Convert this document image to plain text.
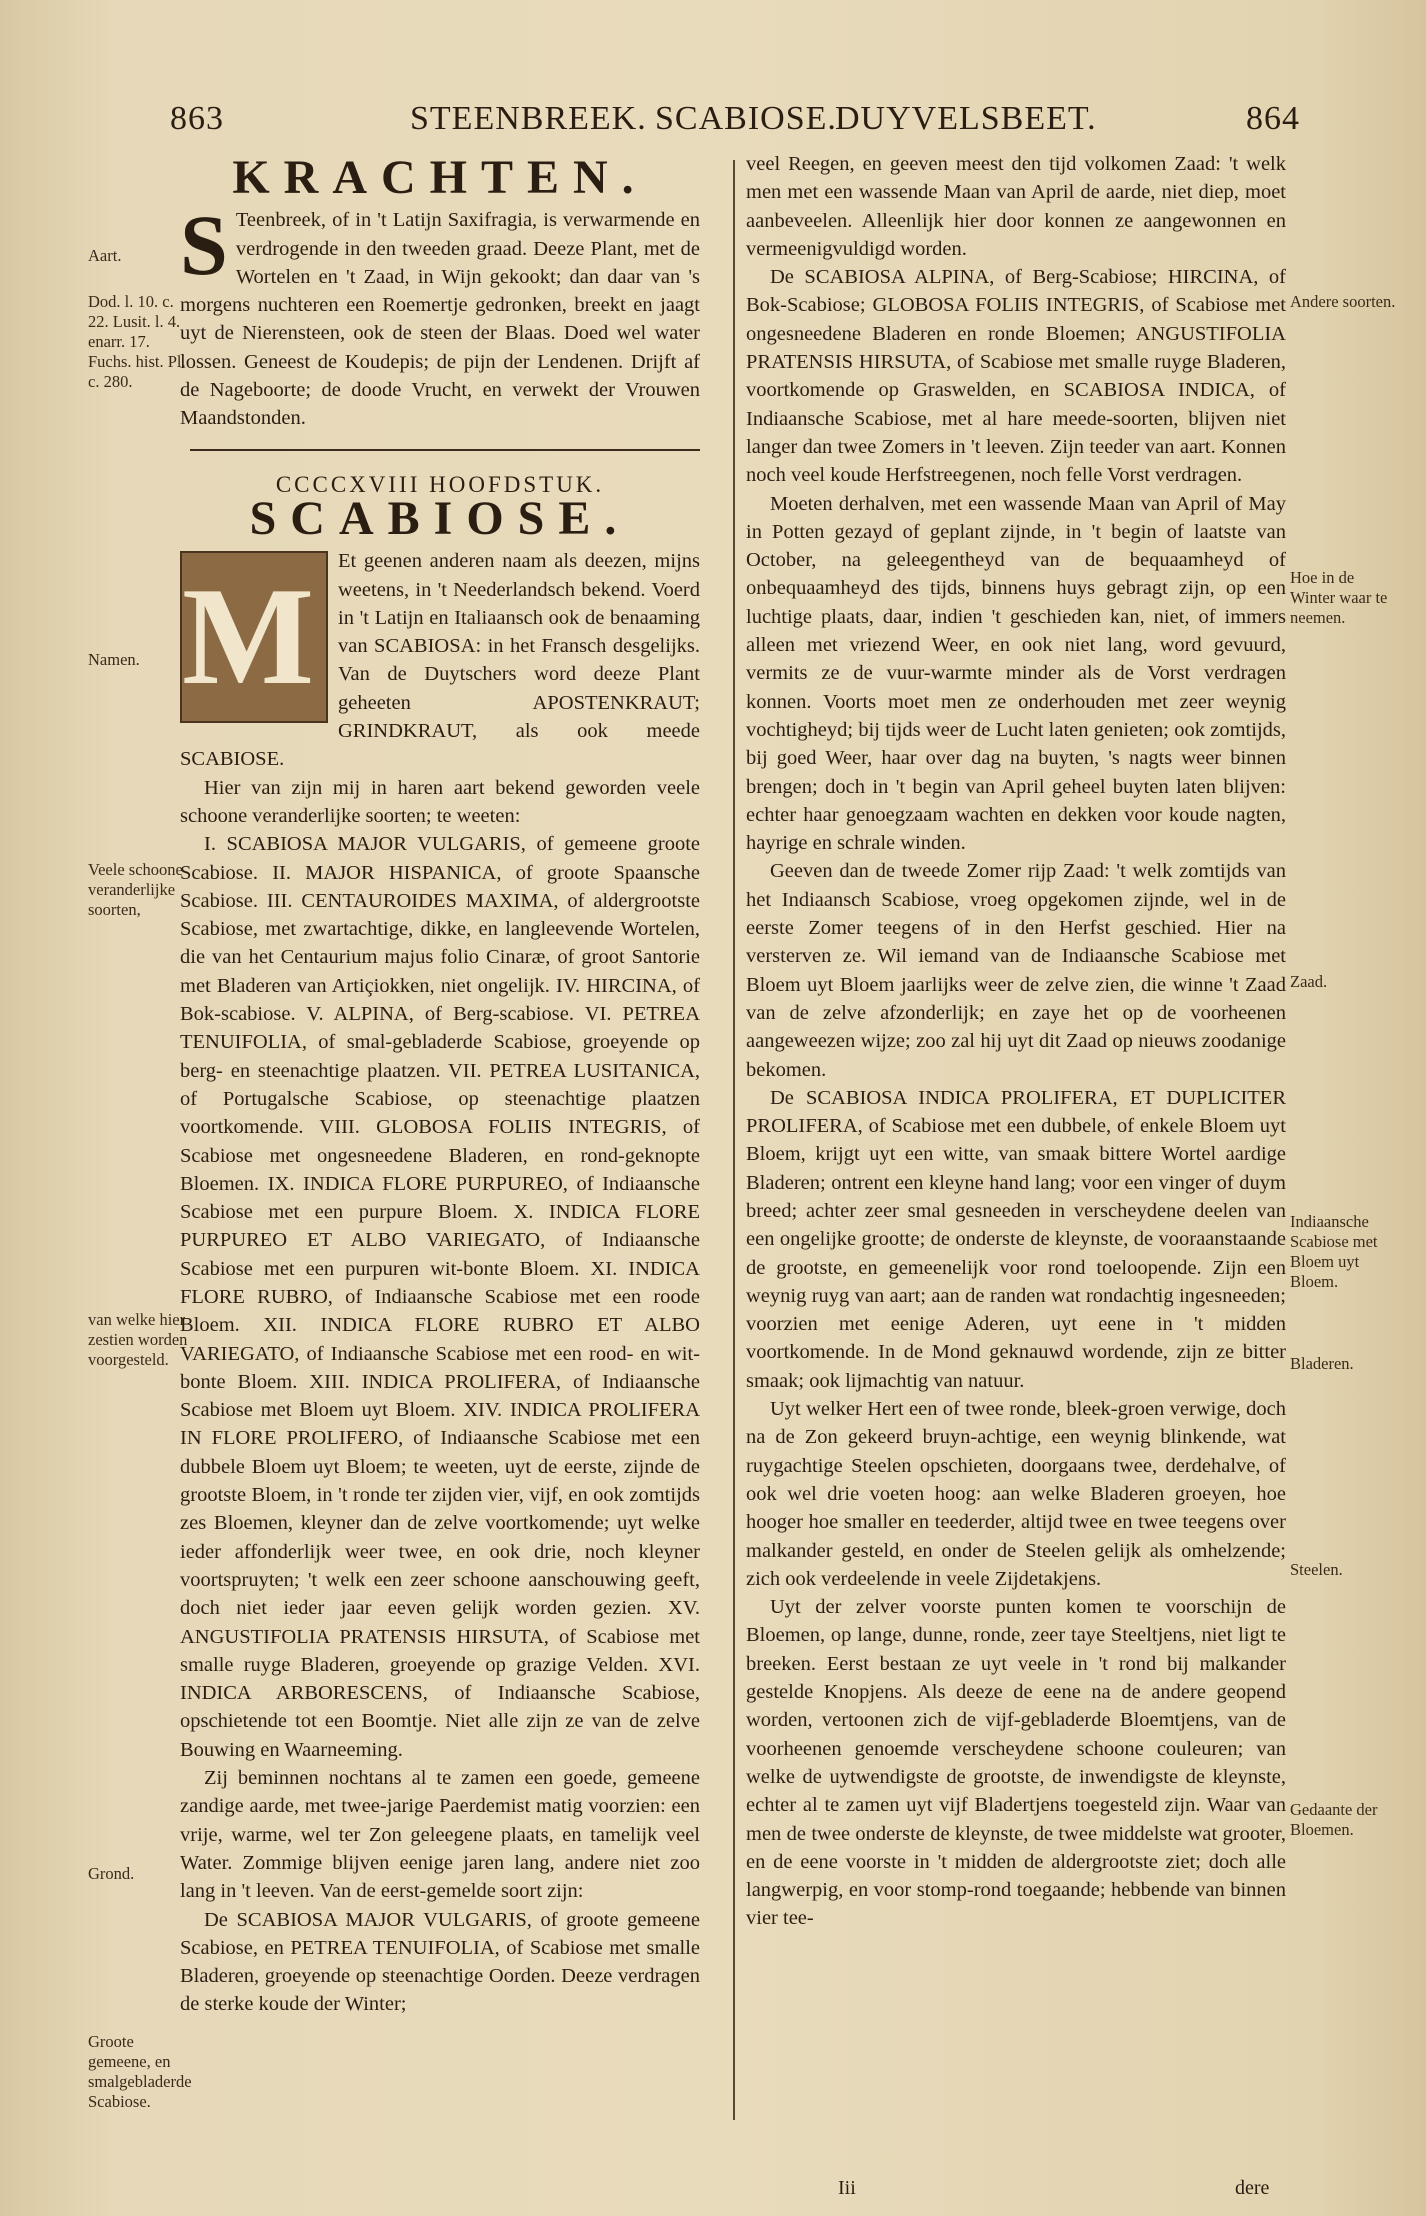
863	STEENBREEK. SCABIOSE.
DUYVELSBEET.	864
KRACHTEN.

S Teenbreek, of in 't Latijn Saxifragia, is verwarmende en verdrogende in den tweeden graad. Deeze Plant, met de Wortelen en 't Zaad, in Wijn gekookt; dan daar van 's morgens nuchteren een Roemertje gedronken, breekt en jaagt uyt de Nierensteen, ook de steen der Blaas. Doed wel water lossen. Geneest de Koudepis; de pijn der Lendenen. Drijft af de Nageboorte; de doode Vrucht, en verwekt der Vrouwen Maandstonden.

CCCCXVIII HOOFDSTUK.
SCABIOSE.

M	Et geenen anderen naam als deezen, mijns weetens, in 't Neederlandsch bekend. Voerd in 't Latijn en Italiaansch ook de benaaming van SCABIOSA: in het Fransch desgelijks. Van de Duytschers word deeze Plant geheeten APOSTENKRAUT; GRINDKRAUT, als ook meede SCABIOSE.

Hier van zijn mij in haren aart bekend geworden veele schoone veranderlijke soorten; te weeten:

I. SCABIOSA MAJOR VULGARIS, of gemeene groote Scabiose. II. MAJOR HISPANICA, of groote Spaansche Scabiose. III. CENTAUROIDES MAXIMA, of aldergrootste Scabiose, met zwartachtige, dikke, en langleevende Wortelen, die van het Centaurium majus folio Cinaræ, of groot Santorie met Bladeren van Artiçiokken, niet ongelijk. IV. HIRCINA, of Bok-scabiose. V. ALPINA, of Berg-scabiose. VI. PETREA TENUIFOLIA, of smal-gebladerde Scabiose, groeyende op berg- en steenachtige plaatzen. VII. PETREA LUSITANICA, of Portugalsche Scabiose, op steenachtige plaatzen voortkomende. VIII. GLOBOSA FOLIIS INTEGRIS, of Scabiose met ongesneedene Bladeren, en rond-geknopte Bloemen. IX. INDICA FLORE PURPUREO, of Indiaansche Scabiose met een purpure Bloem. X. INDICA FLORE PURPUREO ET ALBO VARIEGATO, of Indiaansche Scabiose met een purpuren wit-bonte Bloem. XI. INDICA FLORE RUBRO, of Indiaansche Scabiose met een roode Bloem. XII. INDICA FLORE RUBRO ET ALBO VARIEGATO, of Indiaansche Scabiose met een rood- en wit-bonte Bloem. XIII. INDICA PROLIFERA, of Indiaansche Scabiose met Bloem uyt Bloem. XIV. INDICA PROLIFERA IN FLORE PROLIFERO, of Indiaansche Scabiose met een dubbele Bloem uyt Bloem; te weeten, uyt de eerste, zijnde de grootste Bloem, in 't ronde ter zijden vier, vijf, en ook zomtijds zes Bloemen, kleyner dan de zelve voortkomende; uyt welke ieder affonderlijk weer twee, en ook drie, noch kleyner voortspruyten; 't welk een zeer schoone aanschouwing geeft, doch niet ieder jaar eeven gelijk worden gezien. XV. ANGUSTIFOLIA PRATENSIS HIRSUTA, of Scabiose met smalle ruyge Bladeren, groeyende op grazige Velden. XVI. INDICA ARBORESCENS, of Indiaansche Scabiose, opschietende tot een Boomtje. Niet alle zijn ze van de zelve Bouwing en Waarneeming.

Zij beminnen nochtans al te zamen een goede, gemeene zandige aarde, met twee-jarige Paerdemist matig voorzien: een vrije, warme, wel ter Zon geleegene plaats, en tamelijk veel Water. Zommige blijven eenige jaren lang, andere niet zoo lang in 't leeven. Van de eerst-gemelde soort zijn:

De SCABIOSA MAJOR VULGARIS, of groote gemeene Scabiose, en PETREA TENUIFOLIA, of Scabiose met smalle Bladeren, groeyende op steenachtige Oorden. Deeze verdragen de sterke koude der Winter;

veel Reegen, en geeven meest den tijd volkomen Zaad: 't welk men met een wassende Maan van April de aarde, niet diep, moet aanbeveelen. Alleenlijk hier door konnen ze aangewonnen en vermeenigvuldigd worden.

De SCABIOSA ALPINA, of Berg-Scabiose; HIRCINA, of Bok-Scabiose; GLOBOSA FOLIIS INTEGRIS, of Scabiose met ongesneedene Bladeren en ronde Bloemen; ANGUSTIFOLIA PRATENSIS HIRSUTA, of Scabiose met smalle ruyge Bladeren, voortkomende op Graswelden, en SCABIOSA INDICA, of Indiaansche Scabiose, met al hare meede-soorten, blijven niet langer dan twee Zomers in 't leeven. Zijn teeder van aart. Konnen noch veel koude Herfstreegenen, noch felle Vorst verdragen.

Moeten derhalven, met een wassende Maan van April of May in Potten gezayd of geplant zijnde, in 't begin of laatste van October, na geleegentheyd van de bequaamheyd of onbequaamheyd des tijds, binnens huys gebragt zijn, op een luchtige plaats, daar, indien 't geschieden kan, niet, of immers alleen met vriezend Weer, en ook niet lang, word gevuurd, vermits ze de vuur-warmte minder als de Vorst verdragen konnen. Voorts moet men ze onderhouden met zeer weynig vochtigheyd; bij tijds weer de Lucht laten genieten; ook zomtijds, bij goed Weer, haar over dag na buyten, 's nagts weer binnen brengen; doch in 't begin van April geheel buyten laten blijven: echter haar genoegzaam wachten en dekken voor koude nagten, hayrige en schrale winden.

Geeven dan de tweede Zomer rijp Zaad: 't welk zomtijds van het Indiaansch Scabiose, vroeg opgekomen zijnde, wel in de eerste Zomer teegens of in den Herfst geschied. Hier na versterven ze. Wil iemand van de Indiaansche Scabiose met Bloem uyt Bloem jaarlijks weer de zelve zien, die winne 't Zaad van de zelve afzonderlijk; en zaye het op de voorheenen aangeweezen wijze; zoo zal hij uyt dit Zaad op nieuws zoodanige bekomen.

De SCABIOSA INDICA PROLIFERA, ET DUPLICITER PROLIFERA, of Scabiose met een dubbele, of enkele Bloem uyt Bloem, krijgt uyt een witte, van smaak bittere Wortel aardige Bladeren; ontrent een kleyne hand lang; voor een vinger of duym breed; achter zeer smal gesneeden in verscheydene deelen van een ongelijke grootte; de onderste de kleynste, de vooraanstaande de grootste, en gemeenelijk voor rond toeloopende. Zijn een weynig ruyg van aart; aan de randen wat rondachtig ingesneeden; voorzien met eenige Aderen, uyt eene in 't midden voortkomende. In de Mond geknauwd wordende, zijn ze bitter smaak; ook lijmachtig van natuur.

Uyt welker Hert een of twee ronde, bleek-groen verwige, doch na de Zon gekeerd bruyn-achtige, een weynig blinkende, wat ruygachtige Steelen opschieten, doorgaans twee, derdehalve, of ook wel drie voeten hoog: aan welke Bladeren groeyen, hoe hooger hoe smaller en teederder, altijd twee en twee teegens over malkander gesteld, en onder de Steelen gelijk als omhelzende; zich ook verdeelende in veele Zijdetakjens.

Uyt der zelver voorste punten komen te voorschijn de Bloemen, op lange, dunne, ronde, zeer taye Steeltjens, niet ligt te breeken. Eerst bestaan ze uyt veele in 't rond bij malkander gestelde Knopjens. Als deeze de eene na de andere geopend worden, vertoonen zich de vijf-gebladerde Bloemtjens, van de voorheenen genoemde verscheydene schoone couleuren; van welke de uytwendigste de grootste, de inwendigste de kleynste, echter al te zamen uyt vijf Bladertjens toegesteld zijn. Waar van men de twee onderste de kleynste, de twee middelste wat grooter, en de eene voorste in 't midden de aldergrootste ziet; doch alle langwerpig, en voor stomp-rond toegaande; hebbende van binnen vier tee-

Aart.
Dod. l. 10. c. 22. Lusit. l. 4. enarr. 17. Fuchs. hist. Pl. c. 280.
Namen.
Veele schoone veranderlijke soorten,
van welke hier zestien worden voorgesteld.
Grond.
Groote gemeene, en smalgebladerde Scabiose.
Andere soorten.
Hoe in de Winter waar te neemen.
Zaad.
Indiaansche Scabiose met Bloem uyt Bloem.
Bladeren.
Steelen.
Gedaante der Bloemen.
Iii	dere
